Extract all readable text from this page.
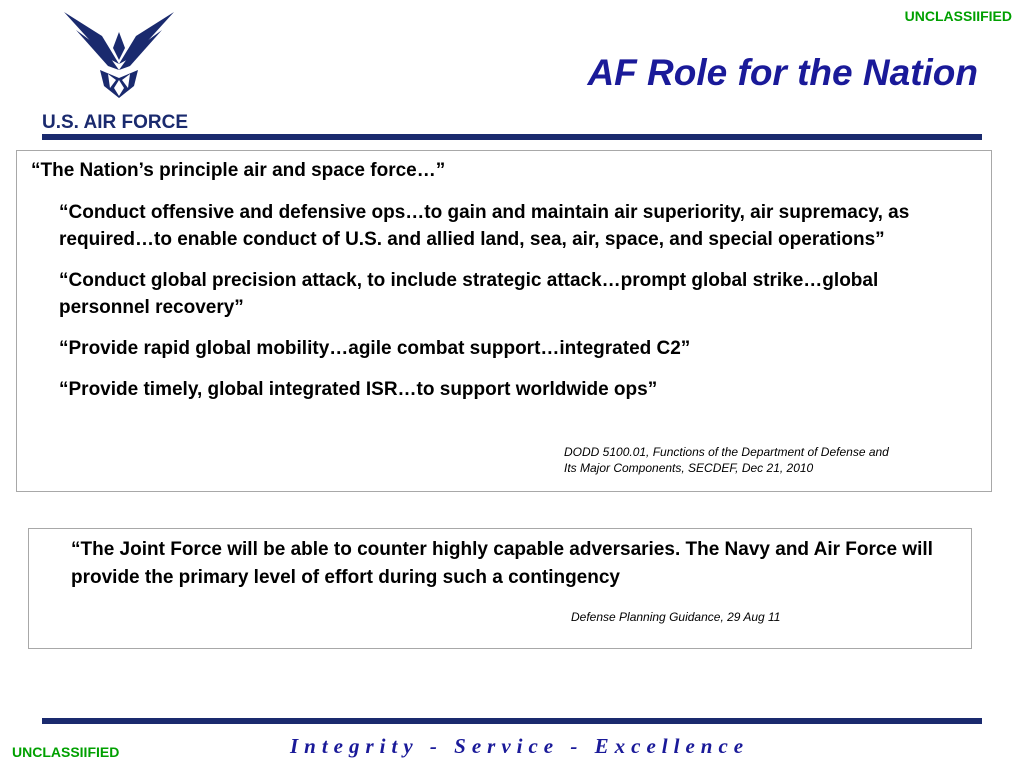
UNCLASSIIFIED
U.S. AIR FORCE
AF Role for the Nation
“The Nation’s principle air and space force…”
“Conduct offensive and defensive ops…to gain and maintain air superiority, air supremacy, as required…to enable conduct of U.S. and allied land, sea, air, space, and special operations”
“Conduct global precision attack, to include strategic attack…prompt global strike…global personnel recovery”
“Provide rapid global mobility…agile combat support…integrated C2”
“Provide timely, global integrated ISR…to support worldwide ops”
DODD 5100.01, Functions of the Department of Defense and
Its Major Components, SECDEF, Dec 21, 2010
“The Joint Force will be able to counter highly capable adversaries. The Navy and Air Force will provide the primary level of effort during such a contingency
Defense Planning Guidance, 29 Aug 11
Integrity - Service - Excellence
UNCLASSIIFIED
